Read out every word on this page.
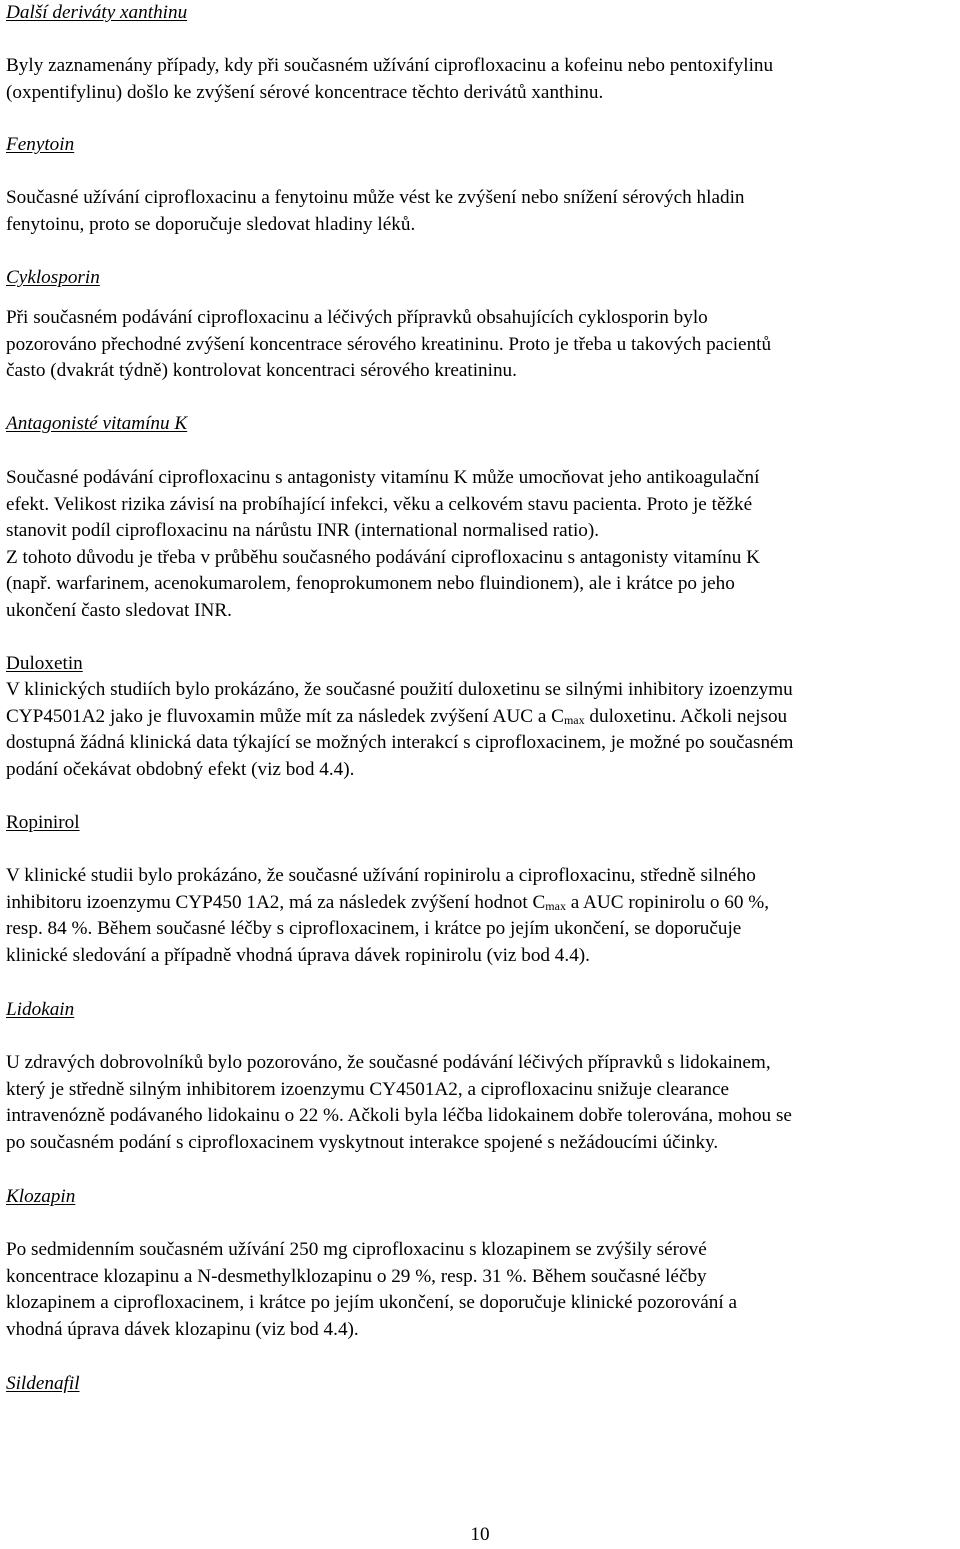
Další deriváty xanthinu
Byly zaznamenány případy, kdy při současném užívání ciprofloxacinu a kofeinu nebo pentoxifylinu
(oxpentifylinu) došlo ke zvýšení sérové koncentrace těchto derivátů xanthinu.
Fenytoin
Současné užívání ciprofloxacinu a fenytoinu může vést ke zvýšení nebo snížení sérových hladin
fenytoinu, proto se doporučuje sledovat hladiny léků.
Cyklosporin
Při současném podávání ciprofloxacinu a léčivých přípravků obsahujících cyklosporin bylo
pozorováno přechodné zvýšení koncentrace sérového kreatininu. Proto je třeba u takových pacientů
často (dvakrát týdně) kontrolovat koncentraci sérového kreatininu.
Antagonisté vitamínu K
Současné podávání ciprofloxacinu s antagonisty vitamínu K může umocňovat jeho antikoagulační
efekt. Velikost rizika závisí na probíhající infekci, věku a celkovém stavu pacienta. Proto je těžké
stanovit podíl ciprofloxacinu na nárůstu INR (international normalised ratio).
Z tohoto důvodu je třeba v průběhu současného podávání ciprofloxacinu s antagonisty vitamínu K
(např. warfarinem, acenokumarolem, fenoprokumonem nebo fluindionem), ale i krátce po jeho
ukončení často sledovat INR.
Duloxetin
V klinických studiích bylo prokázáno, že současné použití duloxetinu se silnými inhibitory izoenzymu
CYP4501A2 jako je fluvoxamin může mít za následek zvýšení AUC a $C_{max}$ duloxetinu. Ačkoli nejsou
dostupná žádná klinická data týkající se možných interakcí s ciprofloxacinem, je možné po současném
podání očekávat obdobný efekt (viz bod 4.4).
Ropinirol
V klinické studii bylo prokázáno, že současné užívání ropinirolu a ciprofloxacinu, středně silného
inhibitoru izoenzymu CYP450 1A2, má za následek zvýšení hodnot $C_{max}$ a AUC ropinirolu o 60 %,
resp. 84 %. Během současné léčby s ciprofloxacinem, i krátce po jejím ukončení, se doporučuje
klinické sledování a případně vhodná úprava dávek ropinirolu (viz bod 4.4).
Lidokain
U zdravých dobrovolníků bylo pozorováno, že současné podávání léčivých přípravků s lidokainem,
který je středně silným inhibitorem izoenzymu CY4501A2, a ciprofloxacinu snižuje clearance
intravenózně podávaného lidokainu o 22 %. Ačkoli byla léčba lidokainem dobře tolerována, mohou se
po současném podání s ciprofloxacinem vyskytnout interakce spojené s nežádoucími účinky.
Klozapin
Po sedmidenním současném užívání 250 mg ciprofloxacinu s klozapinem se zvýšily sérové
koncentrace klozapinu a N-desmethylklozapinu o 29 %, resp. 31 %. Během současné léčby
klozapinem a ciprofloxacinem, i krátce po jejím ukončení, se doporučuje klinické pozorování a
vhodná úprava dávek klozapinu (viz bod 4.4).
Sildenafil
10
